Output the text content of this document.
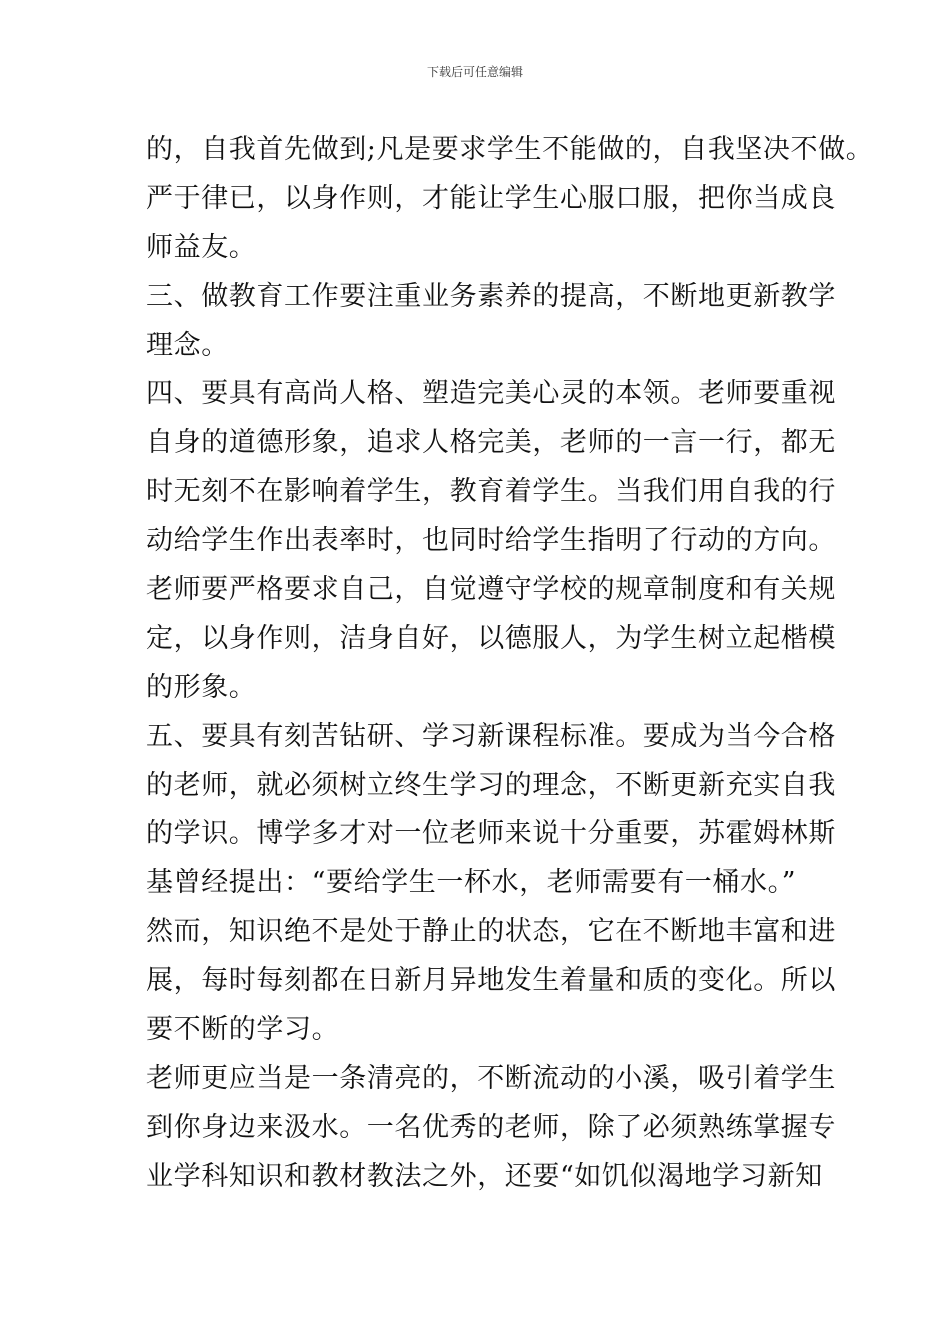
下载后可任意编辑
的，自我首先做到;凡是要求学生不能做的，自我坚决不做。
严于律已，以身作则，才能让学生心服口服，把你当成良
师益友。
三、做教育工作要注重业务素养的提高，不断地更新教学
理念。
四、要具有高尚人格、塑造完美心灵的本领。老师要重视
自身的道德形象，追求人格完美，老师的一言一行，都无
时无刻不在影响着学生，教育着学生。当我们用自我的行
动给学生作出表率时，也同时给学生指明了行动的方向。
老师要严格要求自己，自觉遵守学校的规章制度和有关规
定，以身作则，洁身自好，以德服人，为学生树立起楷模
的形象。
五、要具有刻苦钻研、学习新课程标准。要成为当今合格
的老师，就必须树立终生学习的理念，不断更新充实自我
的学识。博学多才对一位老师来说十分重要，苏霍姆林斯
基曾经提出：“要给学生一杯水，老师需要有一桶水。”
然而，知识绝不是处于静止的状态，它在不断地丰富和进
展，每时每刻都在日新月异地发生着量和质的变化。所以
要不断的学习。
老师更应当是一条清亮的，不断流动的小溪，吸引着学生
到你身边来汲水。一名优秀的老师，除了必须熟练掌握专
业学科知识和教材教法之外，还要“如饥似渴地学习新知
